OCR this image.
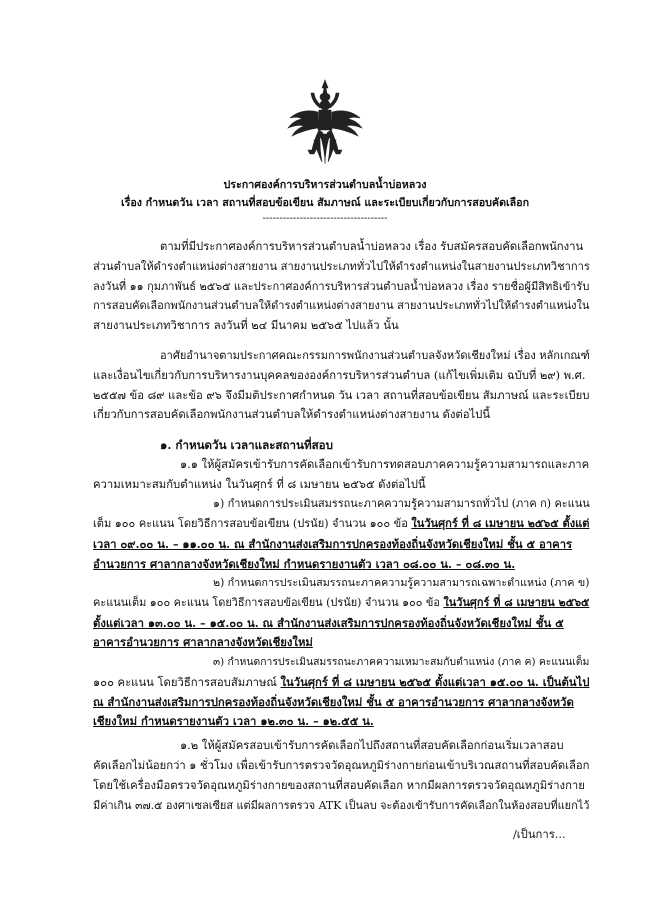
ประกาศองค์การบริหารส่วนตำบลน้ำบ่อหลวง
เรื่อง กำหนดวัน เวลา สถานที่สอบข้อเขียน สัมภาษณ์ และระเบียบเกี่ยวกับการสอบคัดเลือก
-------------------------------------
ตามที่มีประกาศองค์การบริหารส่วนตำบลน้ำบ่อหลวง เรื่อง รับสมัครสอบคัดเลือกพนักงาน
ส่วนตำบลให้ดำรงตำแหน่งต่างสายงาน สายงานประเภททั่วไปให้ดำรงตำแหน่งในสายงานประเภทวิชาการ
ลงวันที่ ๑๑ กุมภาพันธ์ ๒๕๖๕ และประกาศองค์การบริหารส่วนตำบลน้ำบ่อหลวง เรื่อง รายชื่อผู้มีสิทธิเข้ารับ
การสอบคัดเลือกพนักงานส่วนตำบลให้ดำรงตำแหน่งต่างสายงาน สายงานประเภททั่วไปให้ดำรงตำแหน่งใน
สายงานประเภทวิชาการ ลงวันที่ ๒๔ มีนาคม ๒๕๖๕ ไปแล้ว นั้น
อาศัยอำนาจตามประกาศคณะกรรมการพนักงานส่วนตำบลจังหวัดเชียงใหม่ เรื่อง หลักเกณฑ์
และเงื่อนไขเกี่ยวกับการบริหารงานบุคคลขององค์การบริหารส่วนตำบล (แก้ไขเพิ่มเติม ฉบับที่ ๒๙) พ.ศ.
๒๕๕๗ ข้อ ๘๙ และข้อ ๙๖ จึงมีมติประกาศกำหนด วัน เวลา สถานที่สอบข้อเขียน สัมภาษณ์ และระเบียบ
เกี่ยวกับการสอบคัดเลือกพนักงานส่วนตำบลให้ดำรงตำแหน่งต่างสายงาน ดังต่อไปนี้
๑. กำหนดวัน เวลาและสถานที่สอบ
๑.๑ ให้ผู้สมัครเข้ารับการคัดเลือกเข้ารับการทดสอบภาคความรู้ความสามารถและภาค
ความเหมาะสมกับตำแหน่ง ในวันศุกร์ ที่ ๘ เมษายน ๒๕๖๕ ดังต่อไปนี้
๑) กำหนดการประเมินสมรรถนะภาคความรู้ความสามารถทั่วไป (ภาค ก) คะแนน
เต็ม ๑๐๐ คะแนน โดยวิธีการสอบข้อเขียน (ปรนัย) จำนวน ๑๐๐ ข้อ ในวันศุกร์ ที่ ๘ เมษายน ๒๕๖๕ ตั้งแต่
เวลา ๐๙.๐๐ น. – ๑๑.๐๐ น. ณ สำนักงานส่งเสริมการปกครองท้องถิ่นจังหวัดเชียงใหม่ ชั้น ๕ อาคาร
อำนวยการ ศาลากลางจังหวัดเชียงใหม่ กำหนดรายงานตัว เวลา ๐๘.๐๐ น. – ๐๘.๓๐ น.
๒) กำหนดการประเมินสมรรถนะภาคความรู้ความสามารถเฉพาะตำแหน่ง (ภาค ข)
คะแนนเต็ม ๑๐๐ คะแนน โดยวิธีการสอบข้อเขียน (ปรนัย) จำนวน ๑๐๐ ข้อ ในวันศุกร์ ที่ ๘ เมษายน ๒๕๖๕
ตั้งแต่เวลา ๑๓.๐๐ น. – ๑๕.๐๐ น. ณ สำนักงานส่งเสริมการปกครองท้องถิ่นจังหวัดเชียงใหม่ ชั้น ๕
อาคารอำนวยการ ศาลากลางจังหวัดเชียงใหม่
๓) กำหนดการประเมินสมรรถนะภาคความเหมาะสมกับตำแหน่ง (ภาค ค) คะแนนเต็ม
๑๐๐ คะแนน โดยวิธีการสอบสัมภาษณ์ ในวันศุกร์ ที่ ๘ เมษายน ๒๕๖๕ ตั้งแต่เวลา ๑๕.๐๐ น. เป็นต้นไป
ณ สำนักงานส่งเสริมการปกครองท้องถิ่นจังหวัดเชียงใหม่ ชั้น ๕ อาคารอำนวยการ ศาลากลางจังหวัด
เชียงใหม่ กำหนดรายงานตัว เวลา ๑๒.๓๐ น. – ๑๒.๕๕ น.
๑.๒ ให้ผู้สมัครสอบเข้ารับการคัดเลือกไปถึงสถานที่สอบคัดเลือกก่อนเริ่มเวลาสอบ
คัดเลือกไม่น้อยกว่า ๑ ชั่วโมง เพื่อเข้ารับการตรวจวัดอุณหภูมิร่างกายก่อนเข้าบริเวณสถานที่สอบคัดเลือก
โดยใช้เครื่องมือตรวจวัดอุณหภูมิร่างกายของสถานที่สอบคัดเลือก หากมีผลการตรวจวัดอุณหภูมิร่างกาย
มีค่าเกิน ๓๗.๕ องศาเซลเซียส แต่มีผลการตรวจ ATK เป็นลบ จะต้องเข้ารับการคัดเลือกในห้องสอบที่แยกไว้
/เป็นการ...
